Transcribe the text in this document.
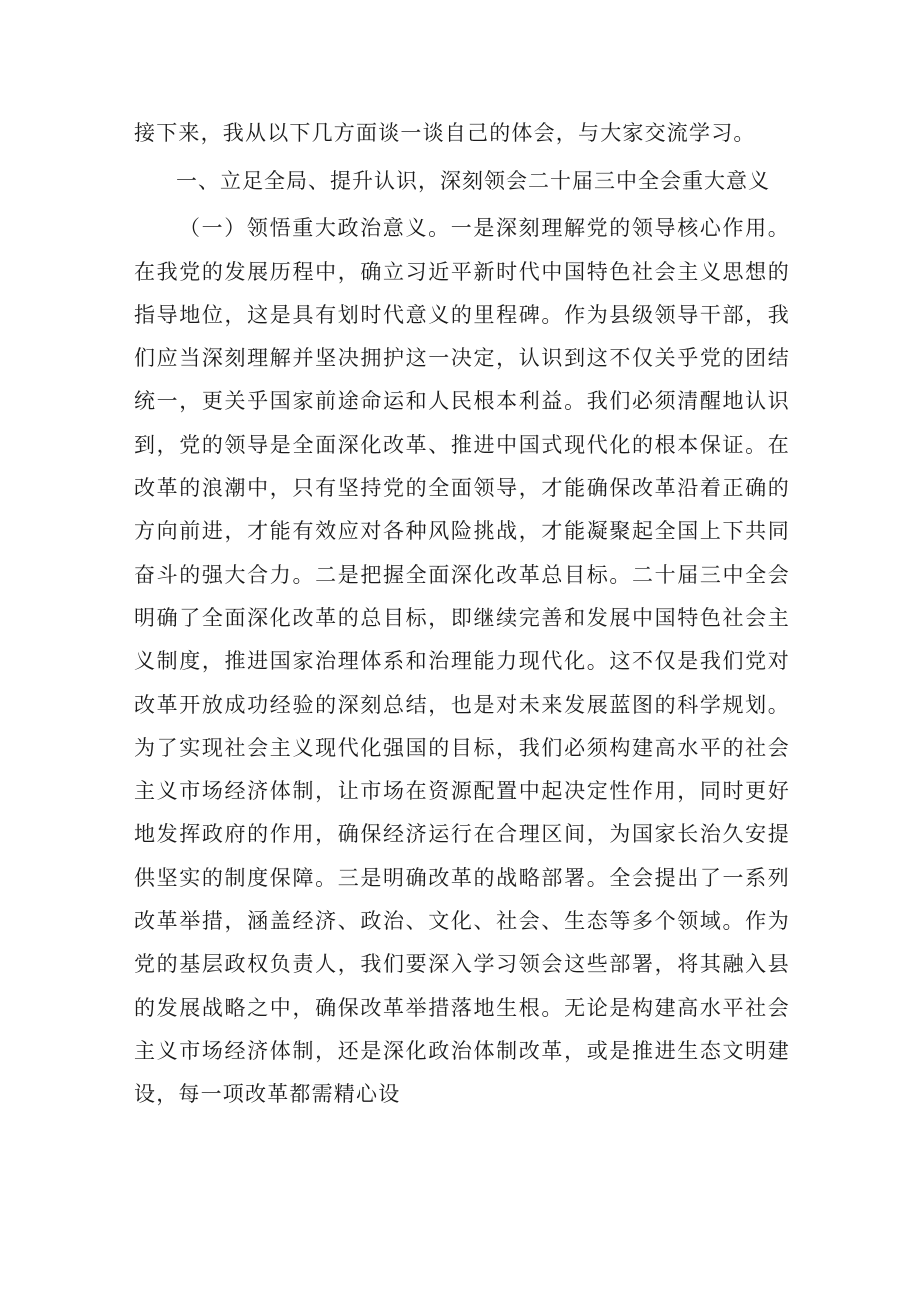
接下来，我从以下几方面谈一谈自己的体会，与大家交流学习。

一、立足全局、提升认识，深刻领会二十届三中全会重大意义

（一）领悟重大政治意义。一是深刻理解党的领导核心作用。在我党的发展历程中，确立习近平新时代中国特色社会主义思想的指导地位，这是具有划时代意义的里程碑。作为县级领导干部，我们应当深刻理解并坚决拥护这一决定，认识到这不仅关乎党的团结统一，更关乎国家前途命运和人民根本利益。我们必须清醒地认识到，党的领导是全面深化改革、推进中国式现代化的根本保证。在改革的浪潮中，只有坚持党的全面领导，才能确保改革沿着正确的方向前进，才能有效应对各种风险挑战，才能凝聚起全国上下共同奋斗的强大合力。二是把握全面深化改革总目标。二十届三中全会明确了全面深化改革的总目标，即继续完善和发展中国特色社会主义制度，推进国家治理体系和治理能力现代化。这不仅是我们党对改革开放成功经验的深刻总结，也是对未来发展蓝图的科学规划。为了实现社会主义现代化强国的目标，我们必须构建高水平的社会主义市场经济体制，让市场在资源配置中起决定性作用，同时更好地发挥政府的作用，确保经济运行在合理区间，为国家长治久安提供坚实的制度保障。三是明确改革的战略部署。全会提出了一系列改革举措，涵盖经济、政治、文化、社会、生态等多个领域。作为党的基层政权负责人，我们要深入学习领会这些部署，将其融入县的发展战略之中，确保改革举措落地生根。无论是构建高水平社会主义市场经济体制，还是深化政治体制改革，或是推进生态文明建设，每一项改革都需精心设
